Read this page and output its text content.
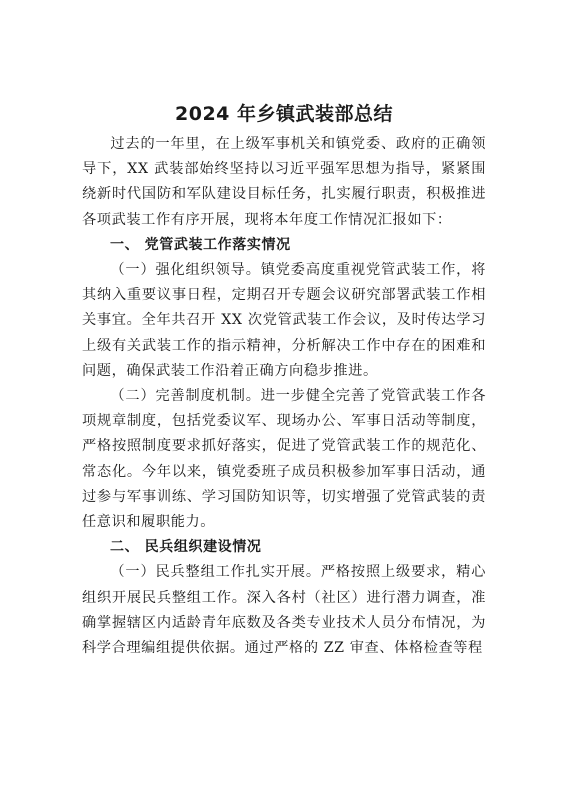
2024 年乡镇武装部总结

过去的一年里，在上级军事机关和镇党委、政府的正确领导下，XX 武装部始终坚持以习近平强军思想为指导，紧紧围绕新时代国防和军队建设目标任务，扎实履行职责，积极推进各项武装工作有序开展，现将本年度工作情况汇报如下：

一、 党管武装工作落实情况

（一）强化组织领导。镇党委高度重视党管武装工作，将其纳入重要议事日程，定期召开专题会议研究部署武装工作相关事宜。全年共召开 XX 次党管武装工作会议，及时传达学习上级有关武装工作的指示精神，分析解决工作中存在的困难和问题，确保武装工作沿着正确方向稳步推进。

（二）完善制度机制。进一步健全完善了党管武装工作各项规章制度，包括党委议军、现场办公、军事日活动等制度，严格按照制度要求抓好落实，促进了党管武装工作的规范化、常态化。今年以来，镇党委班子成员积极参加军事日活动，通过参与军事训练、学习国防知识等，切实增强了党管武装的责任意识和履职能力。

二、 民兵组织建设情况

（一）民兵整组工作扎实开展。严格按照上级要求，精心组织开展民兵整组工作。深入各村（社区）进行潜力调查，准确掌握辖区内适龄青年底数及各类专业技术人员分布情况，为科学合理编组提供依据。通过严格的 ZZ 审查、体格检查等程
